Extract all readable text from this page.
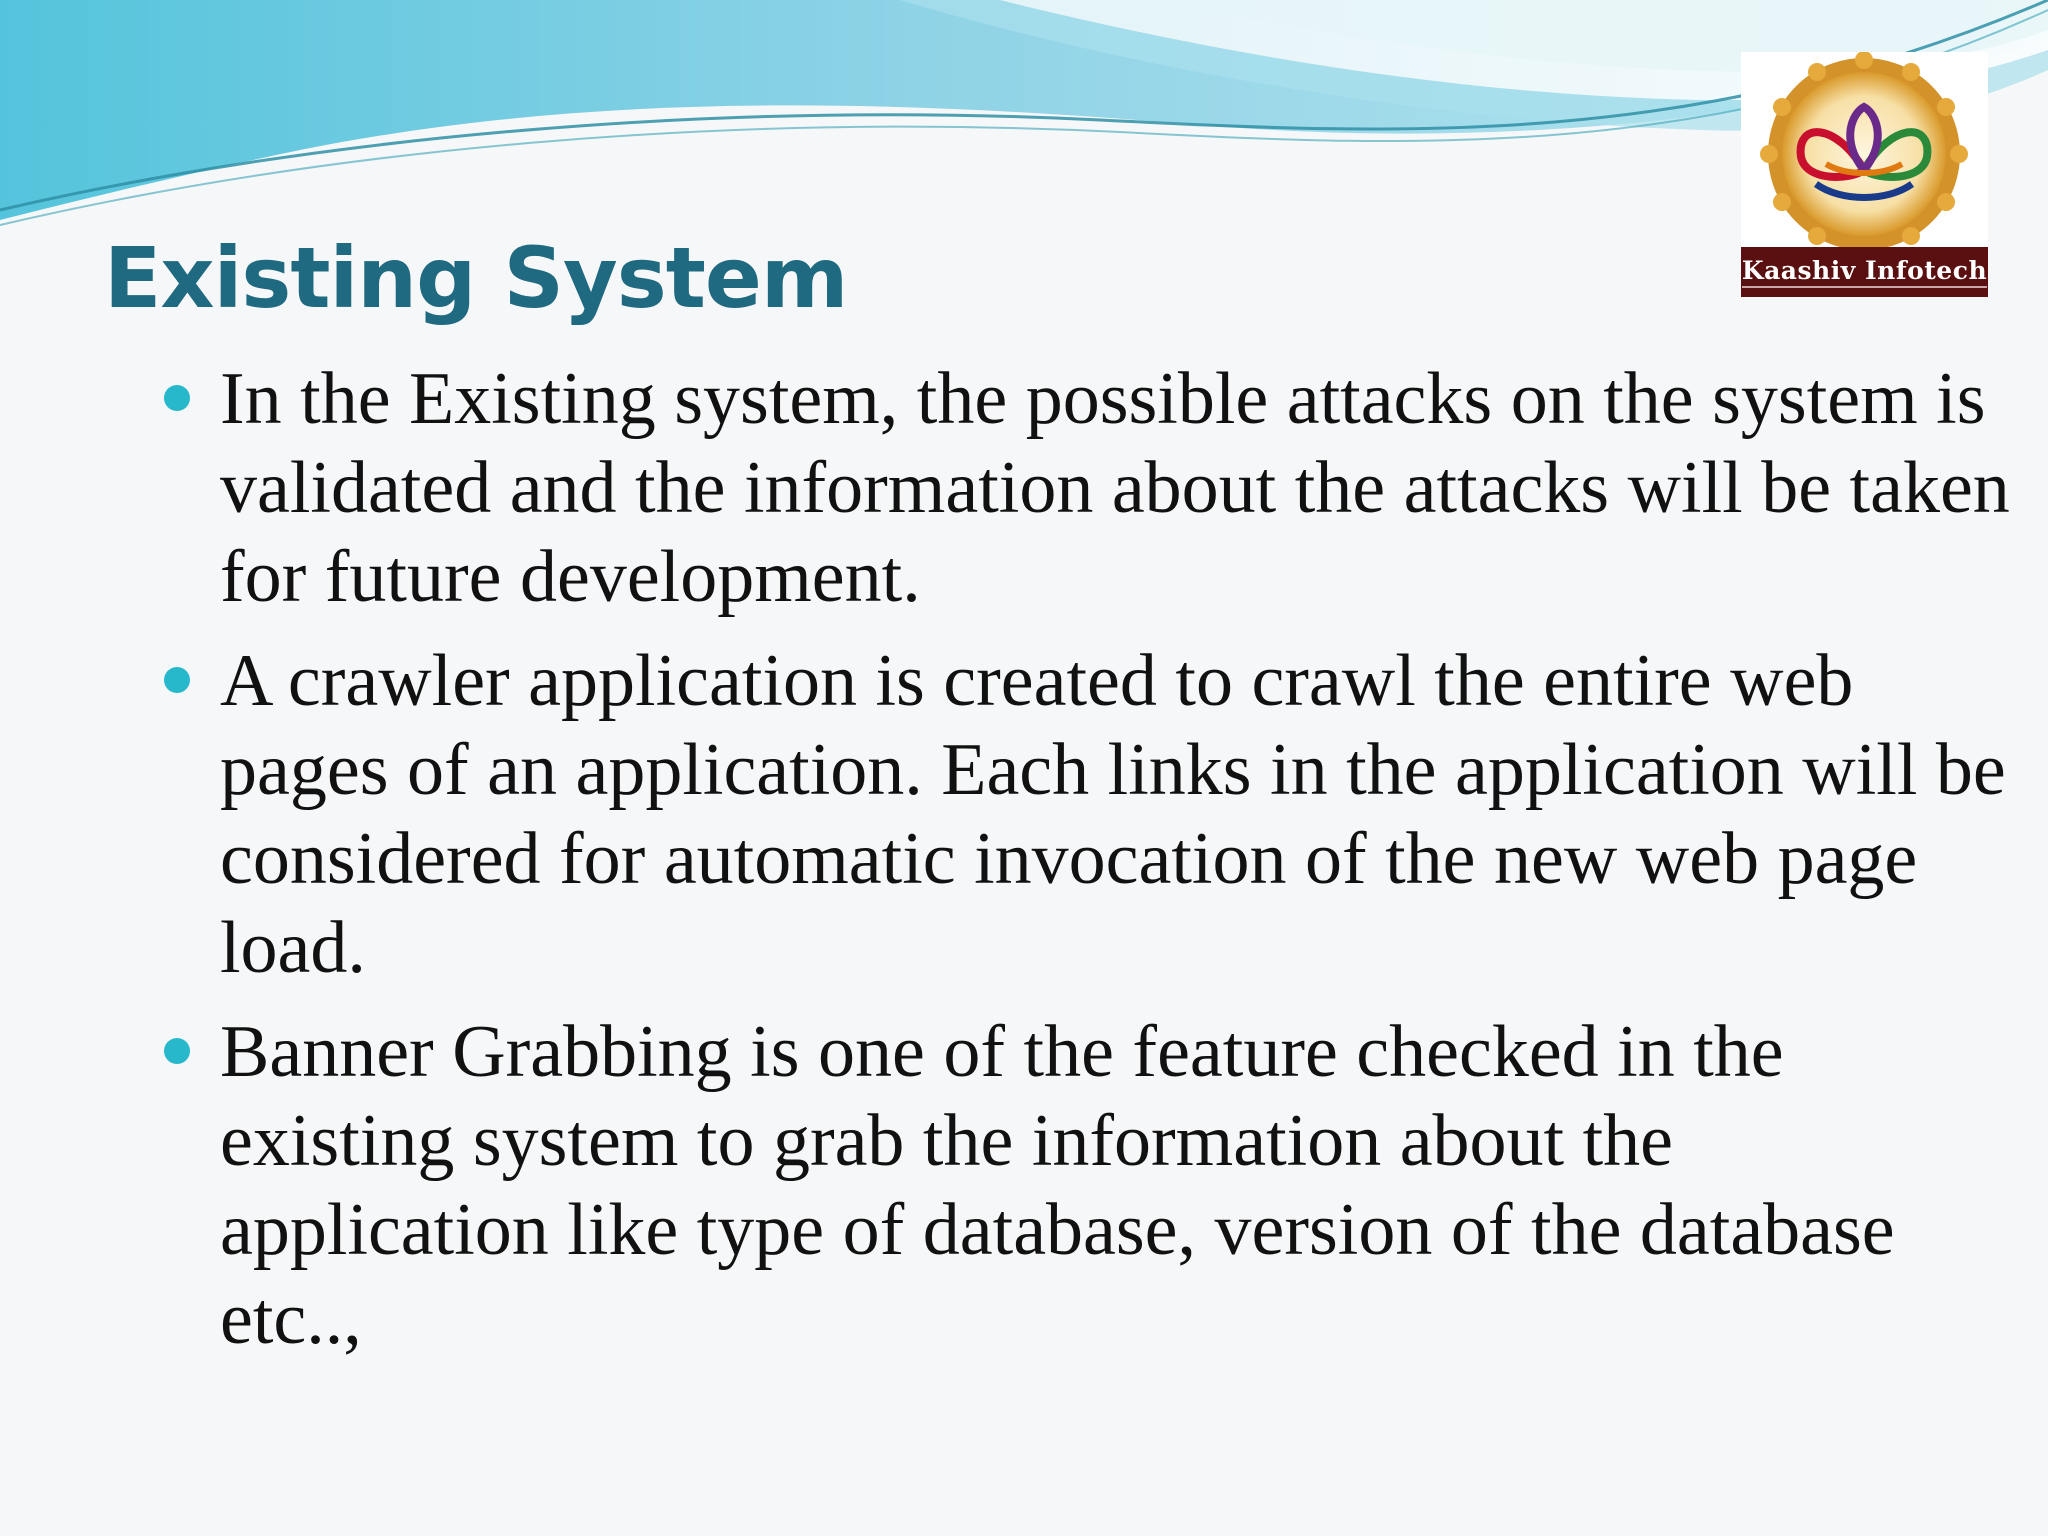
Kaashiv Infotech
Existing System
In the Existing system, the possible attacks on the system is validated and the information about the attacks will be taken for future development.
A crawler application is created to crawl the entire web pages of an application. Each links in the application will be considered for automatic invocation of the new web page load.
Banner Grabbing is one of the feature checked in the existing system to grab the information about the application like type of database, version of the database etc..,
